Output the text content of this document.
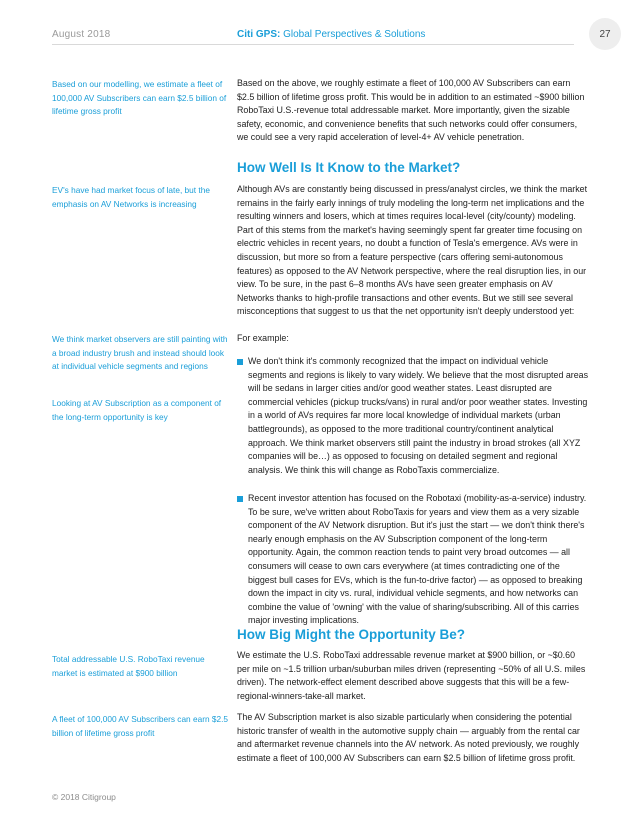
August 2018	Citi GPS: Global Perspectives & Solutions	27
Based on our modelling, we estimate a fleet of 100,000 AV Subscribers can earn $2.5 billion of lifetime gross profit
EV's have had market focus of late, but the emphasis on AV Networks is increasing
We think market observers are still painting with a broad industry brush and instead should look at individual vehicle segments and regions
Looking at AV Subscription as a component of the long-term opportunity is key
Total addressable U.S. RoboTaxi revenue market is estimated at $900 billion
A fleet of 100,000 AV Subscribers can earn $2.5 billion of lifetime gross profit
Based on the above, we roughly estimate a fleet of 100,000 AV Subscribers can earn $2.5 billion of lifetime gross profit. This would be in addition to an estimated ~$900 billion RoboTaxi U.S.-revenue total addressable market. More importantly, given the sizable safety, economic, and convenience benefits that such networks could offer consumers, we could see a very rapid acceleration of level-4+ AV vehicle penetration.
How Well Is It Know to the Market?
Although AVs are constantly being discussed in press/analyst circles, we think the market remains in the fairly early innings of truly modeling the long-term net implications and the resulting winners and losers, which at times requires local-level (city/county) modeling. Part of this stems from the market's having seemingly spent far greater time focusing on electric vehicles in recent years, no doubt a function of Tesla's emergence. AVs were in discussion, but more so from a feature perspective (cars offering semi-autonomous features) as opposed to the AV Network perspective, where the real disruption lies, in our view. To be sure, in the past 6–8 months AVs have seen greater emphasis on AV Networks thanks to high-profile transactions and other events. But we still see several misconceptions that suggest to us that the net opportunity isn't deeply understood yet:
For example:
We don't think it's commonly recognized that the impact on individual vehicle segments and regions is likely to vary widely. We believe that the most disrupted areas will be sedans in larger cities and/or good weather states. Least disrupted are commercial vehicles (pickup trucks/vans) in rural and/or poor weather states. Investing in a world of AVs requires far more local knowledge of individual markets (urban battlegrounds), as opposed to the more traditional country/continent analytical approach. We think market observers still paint the industry in broad strokes (all XYZ companies will be…) as opposed to focusing on detailed segment and regional analysis. We think this will change as RoboTaxis commercialize.
Recent investor attention has focused on the Robotaxi (mobility-as-a-service) industry. To be sure, we've written about RoboTaxis for years and view them as a very sizable component of the AV Network disruption. But it's just the start — we don't think there's nearly enough emphasis on the AV Subscription component of the long-term opportunity. Again, the common reaction tends to paint very broad outcomes — all consumers will cease to own cars everywhere (at times contradicting one of the biggest bull cases for EVs, which is the fun-to-drive factor) — as opposed to breaking down the impact in city vs. rural, individual vehicle segments, and how networks can combine the value of 'owning' with the value of sharing/subscribing. All of this carries major investing implications.
How Big Might the Opportunity Be?
We estimate the U.S. RoboTaxi addressable revenue market at $900 billion, or ~$0.60 per mile on ~1.5 trillion urban/suburban miles driven (representing ~50% of all U.S. miles driven). The network-effect element described above suggests that this will be a few-regional-winners-take-all market.
The AV Subscription market is also sizable particularly when considering the potential historic transfer of wealth in the automotive supply chain — arguably from the rental car and aftermarket revenue channels into the AV network. As noted previously, we roughly estimate a fleet of 100,000 AV Subscribers can earn $2.5 billion of lifetime gross profit.
© 2018 Citigroup
